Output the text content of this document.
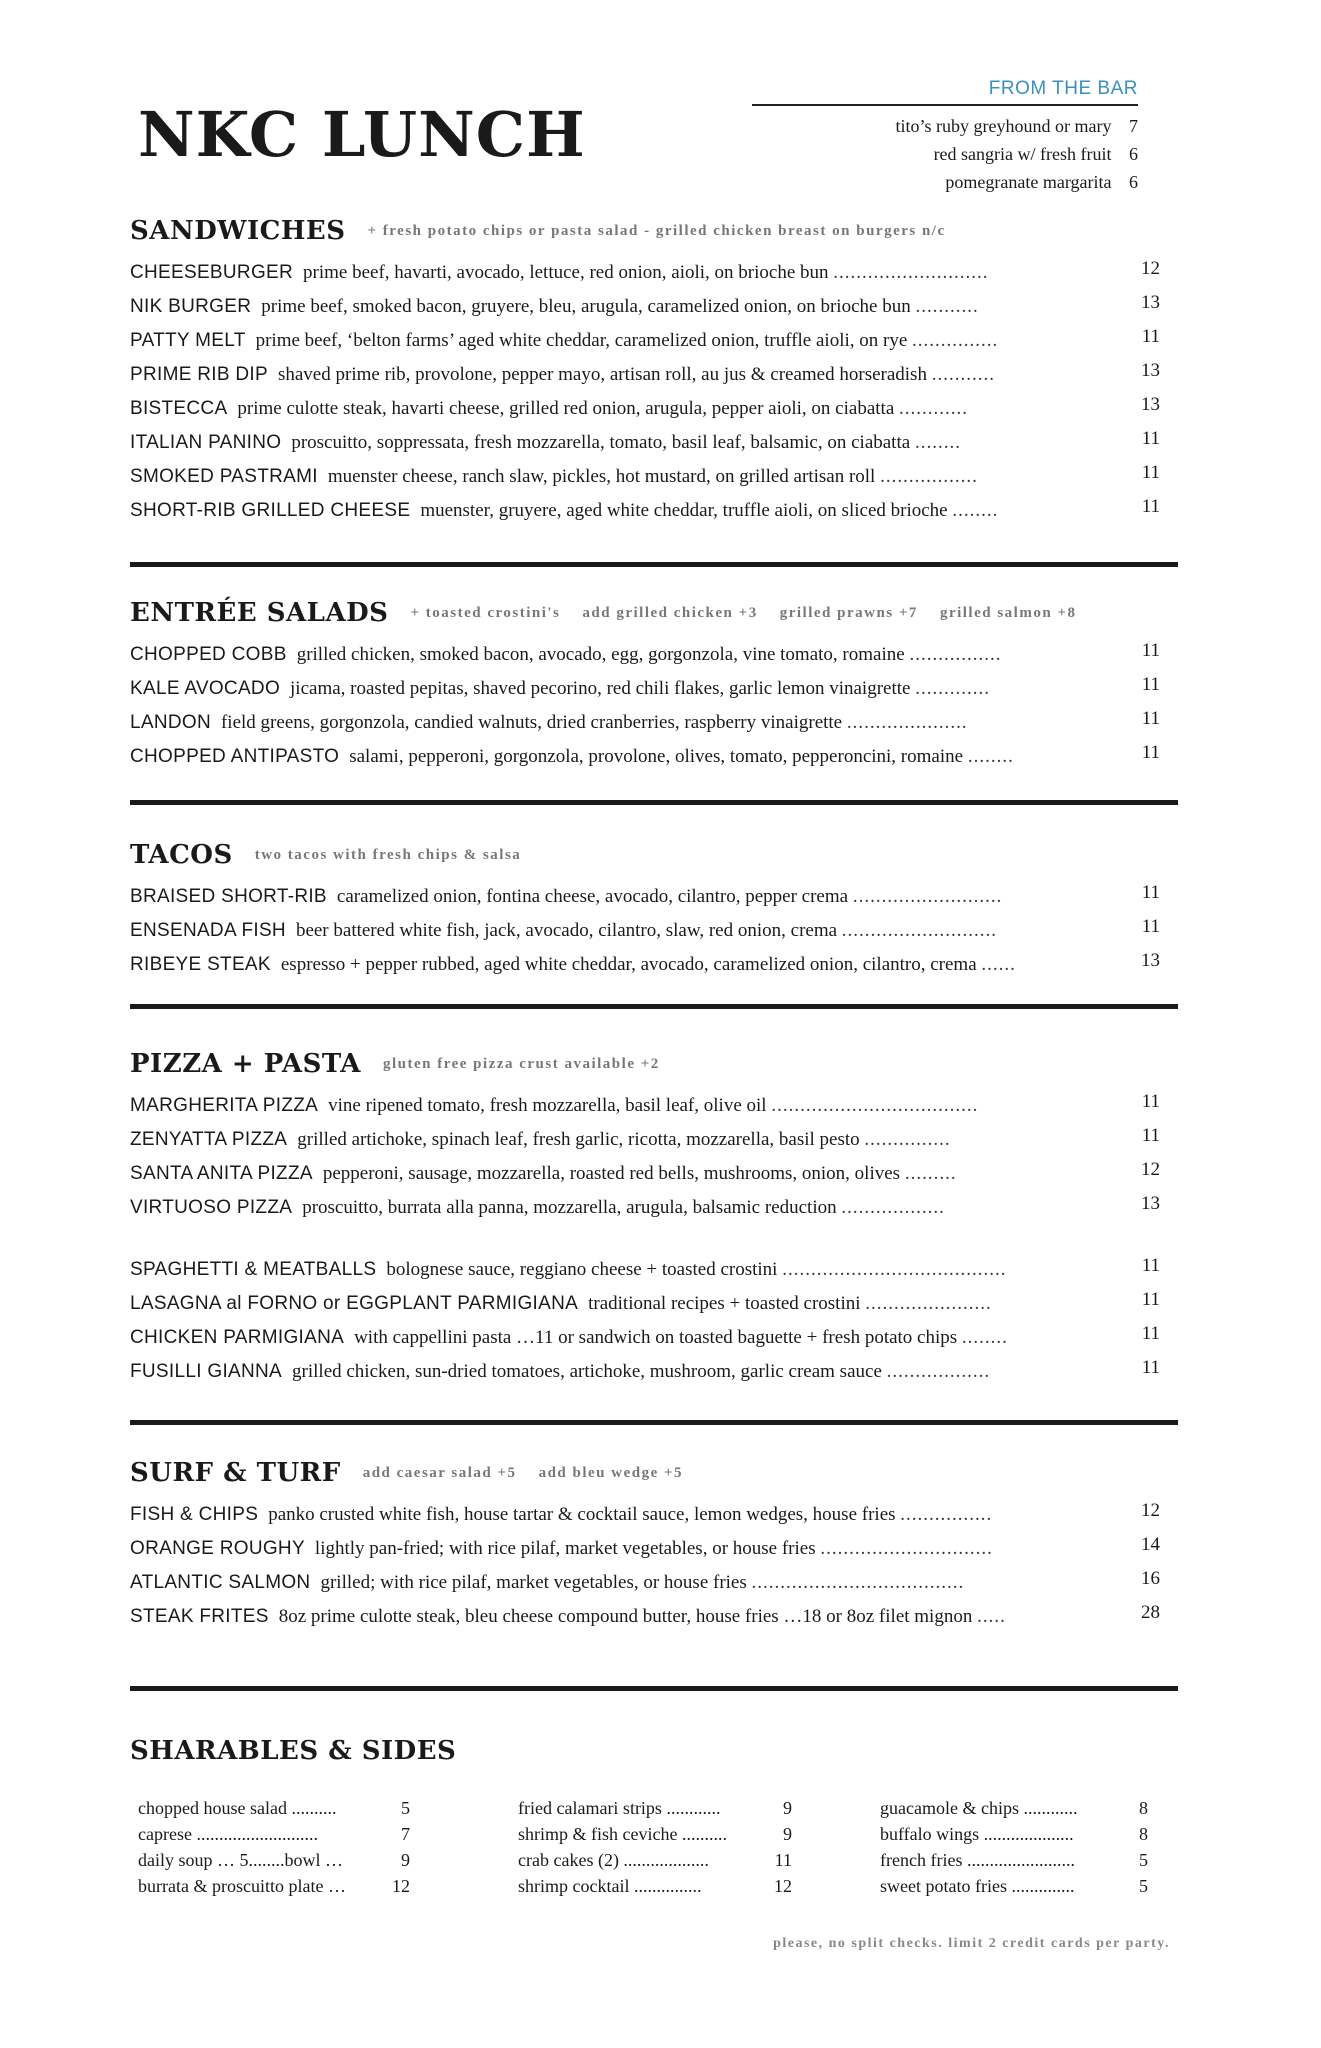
NKC LUNCH
FROM THE BAR
tito’s ruby greyhound or mary 7
red sangria w/ fresh fruit 6
pomegranate margarita 6
SANDWICHES + fresh potato chips or pasta salad - grilled chicken breast on burgers n/c
CHEESEBURGER prime beef, havarti, avocado, lettuce, red onion, aioli, on brioche bun ...........................	12
NIK BURGER prime beef, smoked bacon, gruyere, bleu, arugula, caramelized onion, on brioche bun ...........	13
PATTY MELT prime beef, ‘belton farms’ aged white cheddar, caramelized onion, truffle aioli, on rye ...............	11
PRIME RIB DIP shaved prime rib, provolone, pepper mayo, artisan roll, au jus & creamed horseradish ...........	13
BISTECCA prime culotte steak, havarti cheese, grilled red onion, arugula, pepper aioli, on ciabatta ............	13
ITALIAN PANINO proscuitto, soppressata, fresh mozzarella, tomato, basil leaf, balsamic, on ciabatta ........	11
SMOKED PASTRAMI muenster cheese, ranch slaw, pickles, hot mustard, on grilled artisan roll .................	11
SHORT-RIB GRILLED CHEESE muenster, gruyere, aged white cheddar, truffle aioli, on sliced brioche ........	11
ENTRÉE SALADS + toasted crostini's add grilled chicken +3 grilled prawns +7 grilled salmon +8
CHOPPED COBB grilled chicken, smoked bacon, avocado, egg, gorgonzola, vine tomato, romaine ................	11
KALE AVOCADO jicama, roasted pepitas, shaved pecorino, red chili flakes, garlic lemon vinaigrette .............	11
LANDON field greens, gorgonzola, candied walnuts, dried cranberries, raspberry vinaigrette .....................	11
CHOPPED ANTIPASTO salami, pepperoni, gorgonzola, provolone, olives, tomato, pepperoncini, romaine ........	11
TACOS two tacos with fresh chips & salsa
BRAISED SHORT-RIB caramelized onion, fontina cheese, avocado, cilantro, pepper crema ..........................	11
ENSENADA FISH beer battered white fish, jack, avocado, cilantro, slaw, red onion, crema ...........................	11
RIBEYE STEAK espresso + pepper rubbed, aged white cheddar, avocado, caramelized onion, cilantro, crema ......	13
PIZZA + PASTA gluten free pizza crust available +2
MARGHERITA PIZZA vine ripened tomato, fresh mozzarella, basil leaf, olive oil ....................................	11
ZENYATTA PIZZA grilled artichoke, spinach leaf, fresh garlic, ricotta, mozzarella, basil pesto ...............	11
SANTA ANITA PIZZA pepperoni, sausage, mozzarella, roasted red bells, mushrooms, onion, olives .........	12
VIRTUOSO PIZZA proscuitto, burrata alla panna, mozzarella, arugula, balsamic reduction ..................	13
SPAGHETTI & MEATBALLS bolognese sauce, reggiano cheese + toasted crostini .......................................	11
LASAGNA al FORNO or EGGPLANT PARMIGIANA traditional recipes + toasted crostini ......................	11
CHICKEN PARMIGIANA with cappellini pasta …11 or sandwich on toasted baguette + fresh potato chips ........	11
FUSILLI GIANNA grilled chicken, sun-dried tomatoes, artichoke, mushroom, garlic cream sauce ..................	11
SURF & TURF add caesar salad +5 add bleu wedge +5
FISH & CHIPS panko crusted white fish, house tartar & cocktail sauce, lemon wedges, house fries ................	12
ORANGE ROUGHY lightly pan-fried; with rice pilaf, market vegetables, or house fries ..............................	14
ATLANTIC SALMON grilled; with rice pilaf, market vegetables, or house fries .....................................	16
STEAK FRITES 8oz prime culotte steak, bleu cheese compound butter, house fries …18 or 8oz filet mignon .....	28
SHARABLES & SIDES
chopped house salad ..........	5
caprese ...........................	7
daily soup … 5........bowl …	9
burrata & proscuitto plate …	12
fried calamari strips ............	9
shrimp & fish ceviche ..........	9
crab cakes (2) ...................	11
shrimp cocktail ...............	12
guacamole & chips ............	8
buffalo wings ....................	8
french fries ........................	5
sweet potato fries ..............	5
please, no split checks. limit 2 credit cards per party.
